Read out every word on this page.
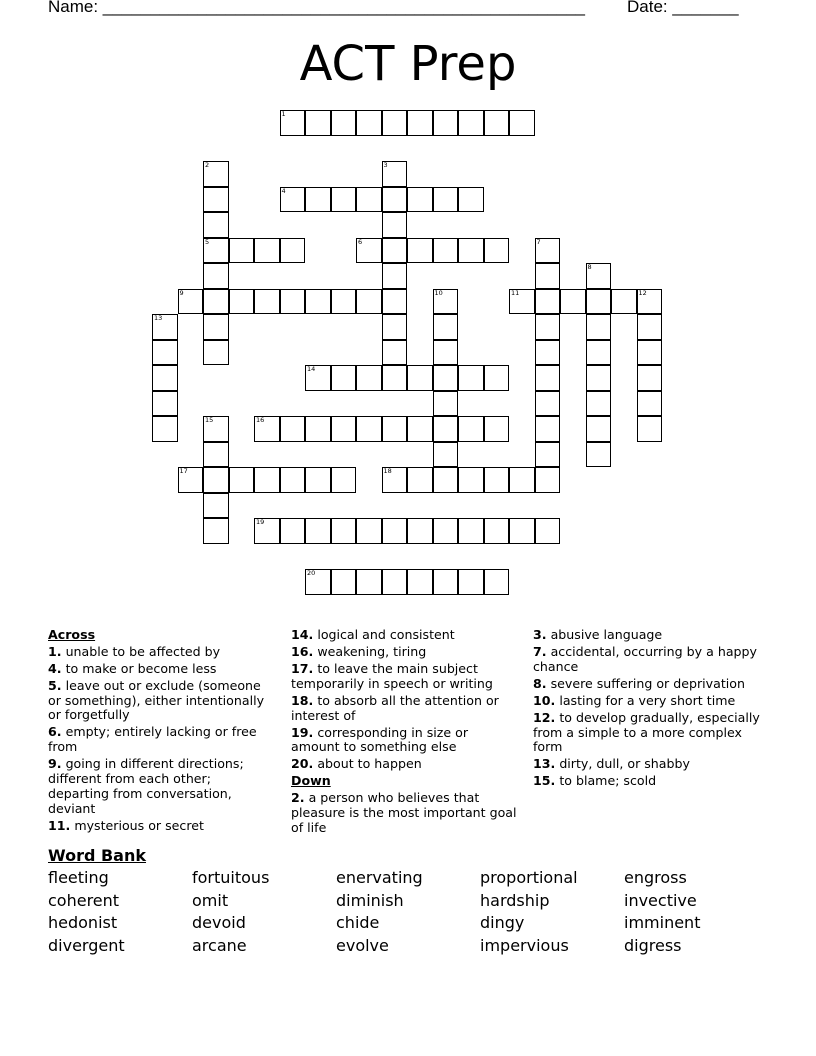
Name: ___________________________________________________ Date: _______
ACT Prep
1
2
5
3
4
6	7
8
9	10	11	12
13
14
15	16
17	18
19
20
Across
1. unable to be affected by
4. to make or become less
5. leave out or exclude (someone or something), either intentionally or forgetfully
6. empty; entirely lacking or free from
9. going in different directions; different from each other; departing from conversation, deviant
11. mysterious or secret
14. logical and consistent
16. weakening, tiring
17. to leave the main subject temporarily in speech or writing
18. to absorb all the attention or interest of
19. corresponding in size or amount to something else
20. about to happen
Down
2. a person who believes that pleasure is the most important goal of life
3. abusive language
7. accidental, occurring by a happy chance
8. severe suffering or deprivation
10. lasting for a very short time
12. to develop gradually, especially from a simple to a more complex form
13. dirty, dull, or shabby
15. to blame; scold
Word Bank
fleeting	fortuitous	enervating	proportional	engross
coherent	omit	diminish	hardship	invective
hedonist	devoid	chide	dingy	imminent
divergent	arcane	evolve	impervious	digress
